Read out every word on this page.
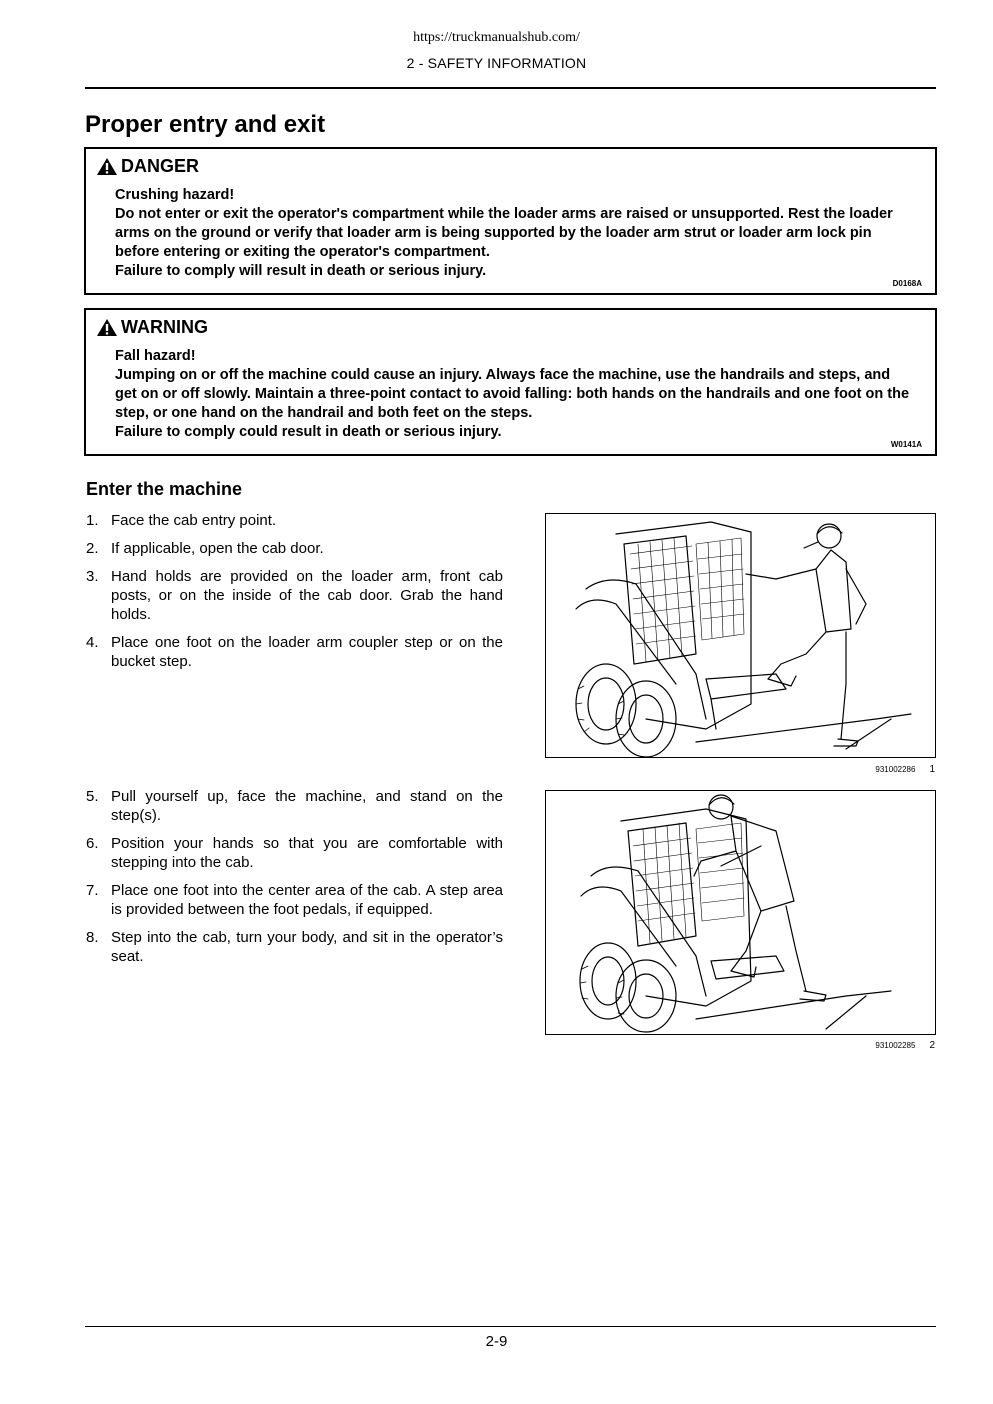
https://truckmanualshub.com/
2 - SAFETY INFORMATION
Proper entry and exit
DANGER

Crushing hazard!

Do not enter or exit the operator's compartment while the loader arms are raised or unsupported. Rest the loader arms on the ground or verify that loader arm is being supported by the loader arm strut or loader arm lock pin before entering or exiting the operator's compartment.

Failure to comply will result in death or serious injury.

D0168A
WARNING

Fall hazard!

Jumping on or off the machine could cause an injury. Always face the machine, use the handrails and steps, and get on or off slowly. Maintain a three-point contact to avoid falling: both hands on the handrails and one foot on the step, or one hand on the handrail and both feet on the steps.

Failure to comply could result in death or serious injury.

W0141A
Enter the machine
1. Face the cab entry point.
2. If applicable, open the cab door.
3. Hand holds are provided on the loader arm, front cab posts, or on the inside of the cab door. Grab the hand holds.
4. Place one foot on the loader arm coupler step or on the bucket step.
931002286 1
5. Pull yourself up, face the machine, and stand on the step(s).
6. Position your hands so that you are comfortable with stepping into the cab.
7. Place one foot into the center area of the cab. A step area is provided between the foot pedals, if equipped.
8. Step into the cab, turn your body, and sit in the operator’s seat.
931002285 2
2-9
